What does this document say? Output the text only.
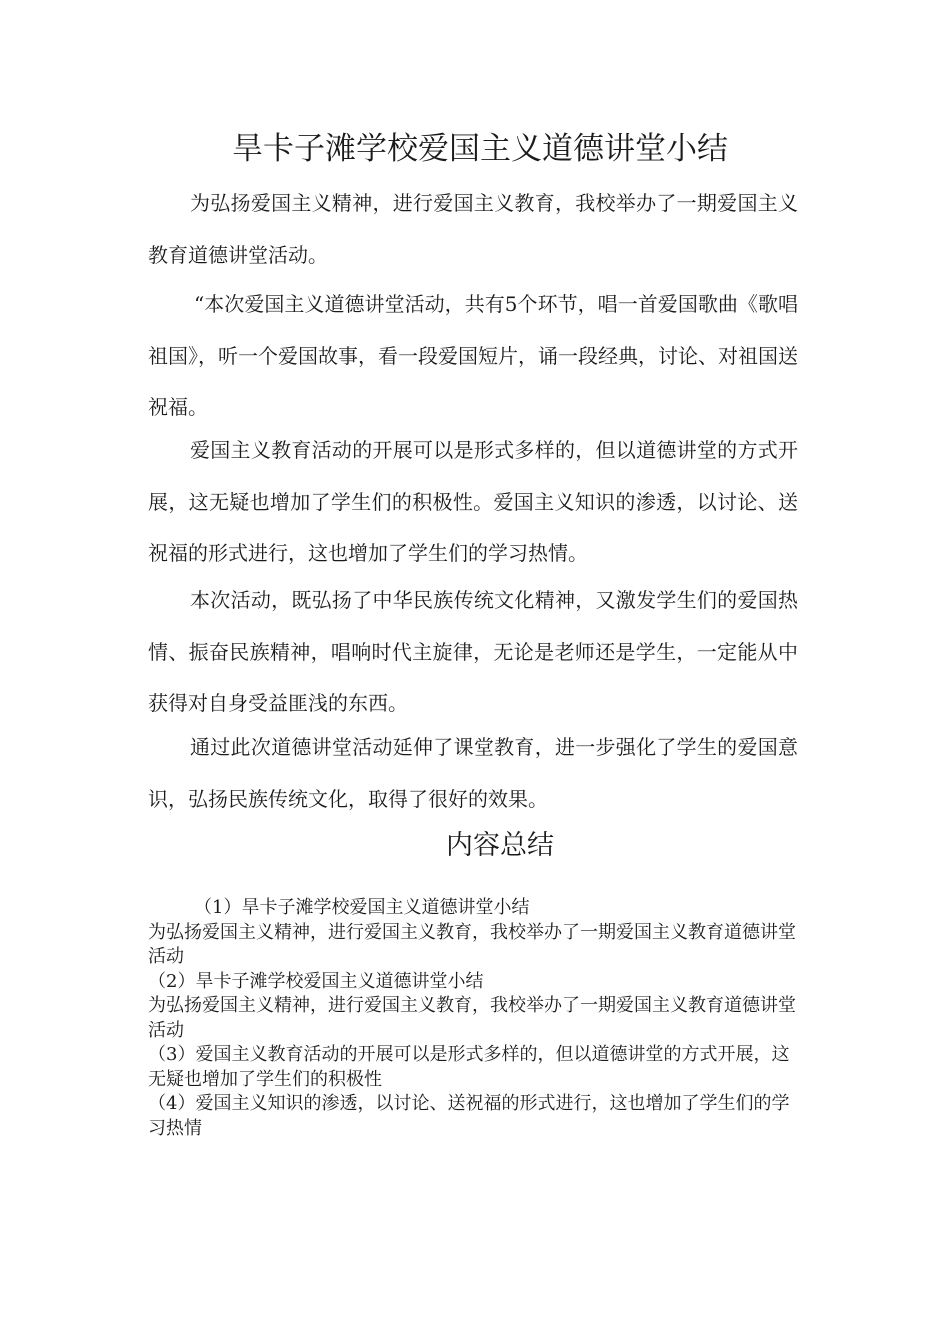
旱卡子滩学校爱国主义道德讲堂小结

为弘扬爱国主义精神，进行爱国主义教育，我校举办了一期爱国主义教育道德讲堂活动。

“本次爱国主义道德讲堂活动，共有5个环节，唱一首爱国歌曲《歌唱祖国》，听一个爱国故事，看一段爱国短片，诵一段经典，讨论、对祖国送祝福。

爱国主义教育活动的开展可以是形式多样的，但以道德讲堂的方式开展，这无疑也增加了学生们的积极性。爱国主义知识的渗透，以讨论、送祝福的形式进行，这也增加了学生们的学习热情。

本次活动，既弘扬了中华民族传统文化精神，又激发学生们的爱国热情、振奋民族精神，唱响时代主旋律，无论是老师还是学生，一定能从中获得对自身受益匪浅的东西。

通过此次道德讲堂活动延伸了课堂教育，进一步强化了学生的爱国意识，弘扬民族传统文化，取得了很好的效果。

内容总结

（1）旱卡子滩学校爱国主义道德讲堂小结

为弘扬爱国主义精神，进行爱国主义教育，我校举办了一期爱国主义教育道德讲堂活动

（2）旱卡子滩学校爱国主义道德讲堂小结

为弘扬爱国主义精神，进行爱国主义教育，我校举办了一期爱国主义教育道德讲堂活动

（3）爱国主义教育活动的开展可以是形式多样的，但以道德讲堂的方式开展，这无疑也增加了学生们的积极性

（4）爱国主义知识的渗透，以讨论、送祝福的形式进行，这也增加了学生们的学习热情
